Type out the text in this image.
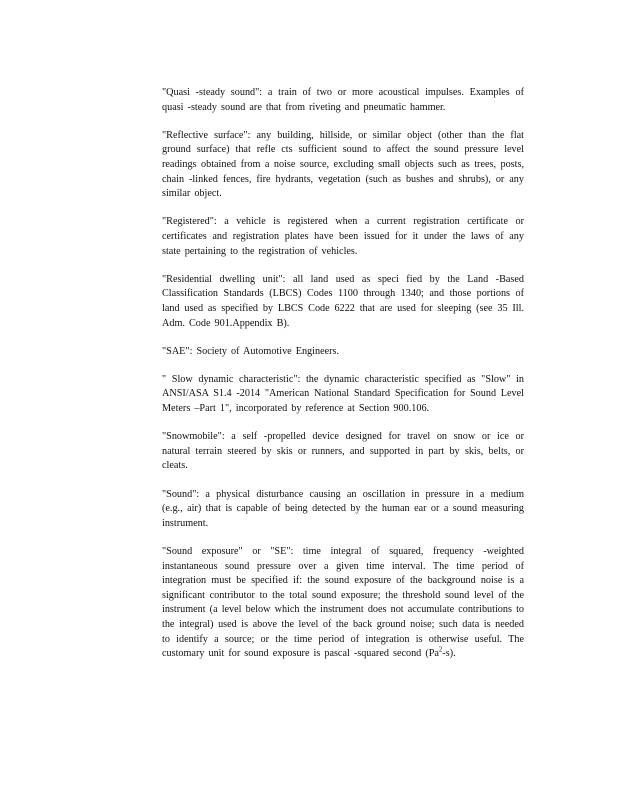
"Quasi -steady sound": a train of two or more acoustical impulses. Examples of quasi -steady sound are that from riveting and pneumatic hammer.

"Reflective surface": any building, hillside, or similar object (other than the flat ground surface) that refle cts sufficient sound to affect the sound pressure level readings obtained from a noise source, excluding small objects such as trees, posts, chain -linked fences, fire hydrants, vegetation (such as bushes and shrubs), or any similar object.

"Registered": a vehicle is registered when a current registration certificate or certificates and registration plates have been issued for it under the laws of any state pertaining to the registration of vehicles.

"Residential dwelling unit": all land used as speci fied by the Land -Based Classification Standards (LBCS) Codes 1100 through 1340; and those portions of land used as specified by LBCS Code 6222 that are used for sleeping (see 35 Ill. Adm. Code 901.Appendix B).

"SAE": Society of Automotive Engineers.

" Slow dynamic characteristic": the dynamic characteristic specified as "Slow" in ANSI/ASA S1.4 -2014 "American National Standard Specification for Sound Level Meters –Part 1", incorporated by reference at Section 900.106.

"Snowmobile": a self -propelled device designed for travel on snow or ice or natural terrain steered by skis or runners, and supported in part by skis, belts, or cleats.

"Sound": a physical disturbance causing an oscillation in pressure in a medium (e.g., air) that is capable of being detected by the human ear or a sound measuring instrument.

"Sound exposure" or "SE": time integral of squared, frequency -weighted instantaneous sound pressure over a given time interval. The time period of integration must be specified if: the sound exposure of the background noise is a significant contributor to the total sound exposure; the threshold sound level of the instrument (a level below which the instrument does not accumulate contributions to the integral) used is above the level of the back ground noise; such data is needed to identify a source; or the time period of integration is otherwise useful. The customary unit for sound exposure is pascal -squared second (Pa$^2$-s).
